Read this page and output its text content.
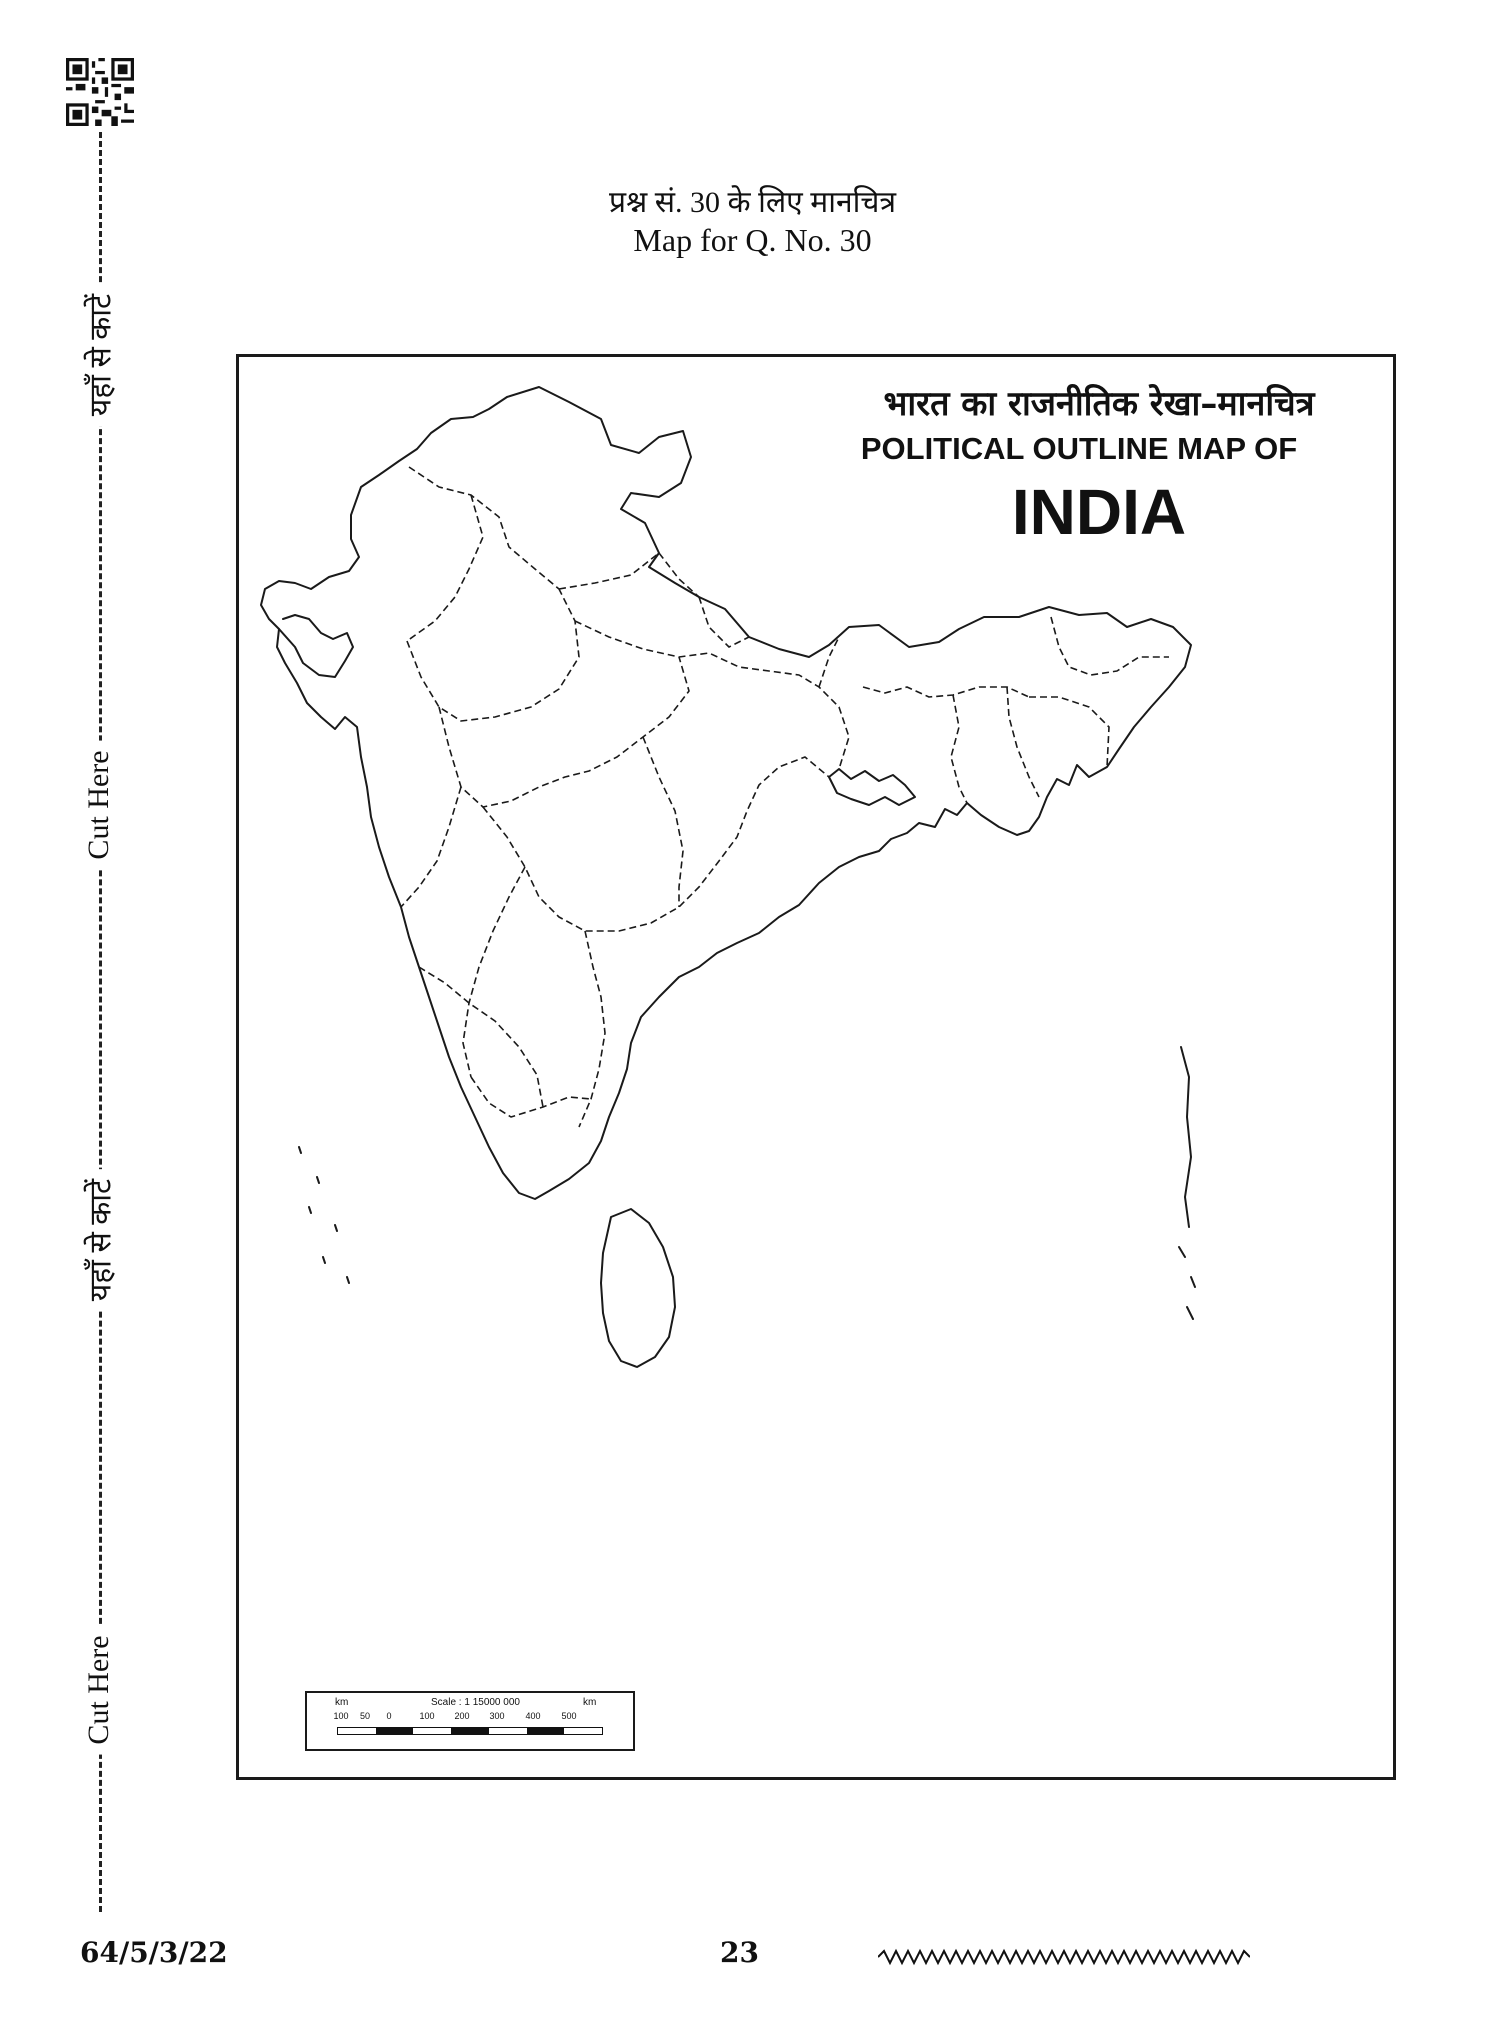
यहाँ से काटें
Cut Here
यहाँ से काटें
Cut Here
प्रश्न सं. 30 के लिए मानचित्र
Map for Q. No. 30
भारत का राजनीतिक रेखा–मानचित्र
POLITICAL OUTLINE MAP OF
INDIA
km	Scale : 1 15000 000	km
100 50 0	100 200 300 400 500
64/5/3/22	23
